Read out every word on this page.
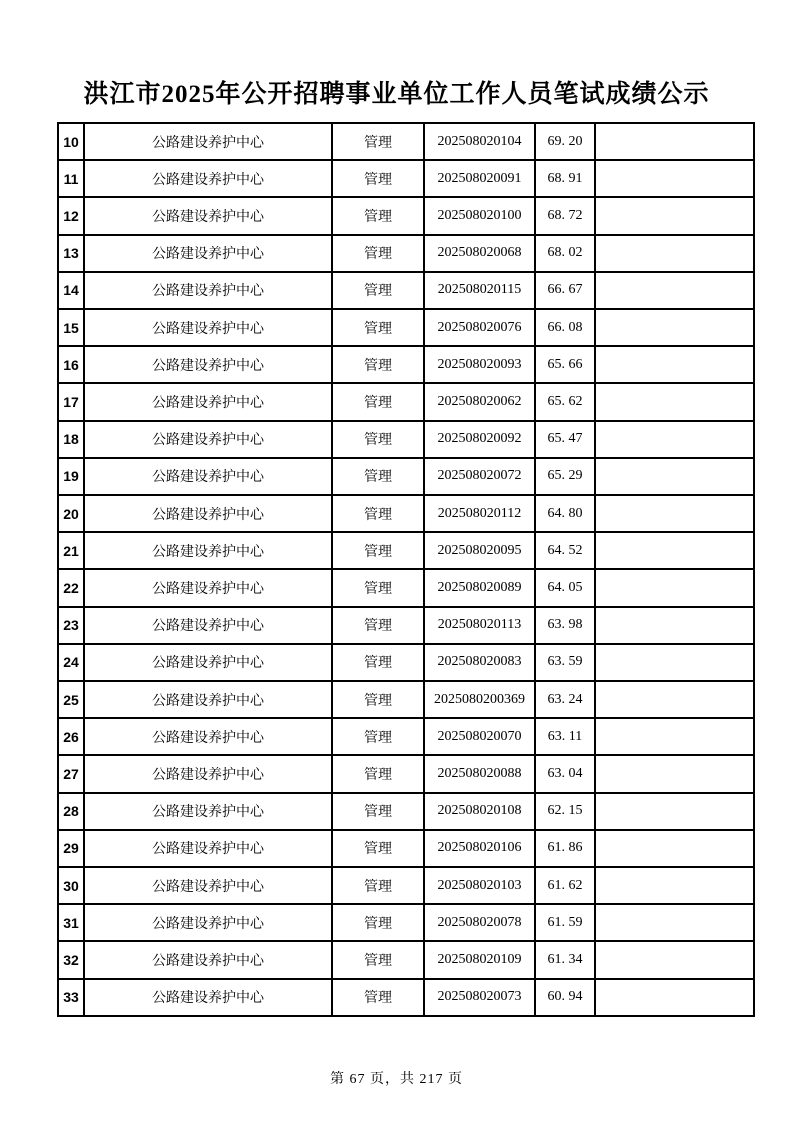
洪江市2025年公开招聘事业单位工作人员笔试成绩公示
10	公路建设养护中心	管理	202508020104	69. 20	
11	公路建设养护中心	管理	202508020091	68. 91	
12	公路建设养护中心	管理	202508020100	68. 72	
13	公路建设养护中心	管理	202508020068	68. 02	
14	公路建设养护中心	管理	202508020115	66. 67	
15	公路建设养护中心	管理	202508020076	66. 08	
16	公路建设养护中心	管理	202508020093	65. 66	
17	公路建设养护中心	管理	202508020062	65. 62	
18	公路建设养护中心	管理	202508020092	65. 47	
19	公路建设养护中心	管理	202508020072	65. 29	
20	公路建设养护中心	管理	202508020112	64. 80	
21	公路建设养护中心	管理	202508020095	64. 52	
22	公路建设养护中心	管理	202508020089	64. 05	
23	公路建设养护中心	管理	202508020113	63. 98	
24	公路建设养护中心	管理	202508020083	63. 59	
25	公路建设养护中心	管理	2025080200369	63. 24	
26	公路建设养护中心	管理	202508020070	63. 11	
27	公路建设养护中心	管理	202508020088	63. 04	
28	公路建设养护中心	管理	202508020108	62. 15	
29	公路建设养护中心	管理	202508020106	61. 86	
30	公路建设养护中心	管理	202508020103	61. 62	
31	公路建设养护中心	管理	202508020078	61. 59	
32	公路建设养护中心	管理	202508020109	61. 34	
33	公路建设养护中心	管理	202508020073	60. 94	
第 67 页，共 217 页
